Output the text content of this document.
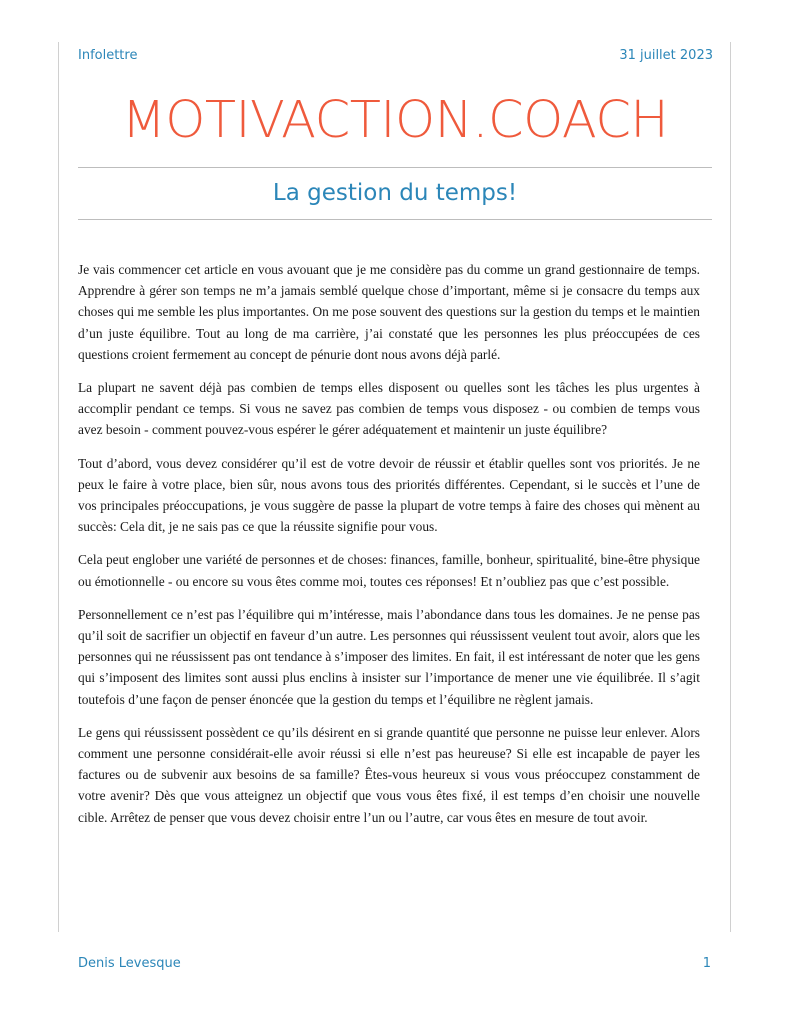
Infolettre	31 juillet 2023
MOTIVACTION.COACH
La gestion du temps!

Je vais commencer cet article en vous avouant que je me considère pas du comme un grand gestionnaire de temps. Apprendre à gérer son temps ne m’a jamais semblé quelque chose d’important, même si je consacre du temps aux choses qui me semble les plus importantes. On me pose souvent des questions sur la gestion du temps et le maintien d’un juste équilibre. Tout au long de ma carrière, j’ai constaté que les personnes les plus préoccupées de ces questions croient fermement au concept de pénurie dont nous avons déjà parlé.

La plupart ne savent déjà pas combien de temps elles disposent ou quelles sont les tâches les plus urgentes à accomplir pendant ce temps. Si vous ne savez pas combien de temps vous disposez - ou combien de temps vous avez besoin - comment pouvez-vous espérer le gérer adéquatement et maintenir un juste équilibre?

Tout d’abord, vous devez considérer qu’il est de votre devoir de réussir et établir quelles sont vos priorités. Je ne peux le faire à votre place, bien sûr, nous avons tous des priorités différentes. Cependant, si le succès et l’une de vos principales préoccupations, je vous suggère de passe la plupart de votre temps à faire des choses qui mènent au succès: Cela dit, je ne sais pas ce que la réussite signifie pour vous.

Cela peut englober une variété de personnes et de choses: finances, famille, bonheur, spiritualité, bine-être physique ou émotionnelle - ou encore su vous êtes comme moi, toutes ces réponses! Et n’oubliez pas que c’est possible.

Personnellement ce n’est pas l’équilibre qui m’intéresse, mais l’abondance dans tous les domaines. Je ne pense pas qu’il soit de sacrifier un objectif en faveur d’un autre. Les personnes qui réussissent veulent tout avoir, alors que les personnes qui ne réussissent pas ont tendance à s’imposer des limites. En fait, il est intéressant de noter que les gens qui s’imposent des limites sont aussi plus enclins à insister sur l’importance de mener une vie équilibrée. Il s’agit toutefois d’une façon de penser énoncée que la gestion du temps et l’équilibre ne règlent jamais.

Le gens qui réussissent possèdent ce qu’ils désirent en si grande quantité que personne ne puisse leur enlever. Alors comment une personne considérait-elle avoir réussi si elle n’est pas heureuse? Si elle est incapable de payer les factures ou de subvenir aux besoins de sa famille? Êtes-vous heureux si vous vous préoccupez constamment de votre avenir? Dès que vous atteignez un objectif que vous vous êtes fixé, il est temps d’en choisir une nouvelle cible. Arrêtez de penser que vous devez choisir entre l’un ou l’autre, car vous êtes en mesure de tout avoir.

Denis Levesque	1
